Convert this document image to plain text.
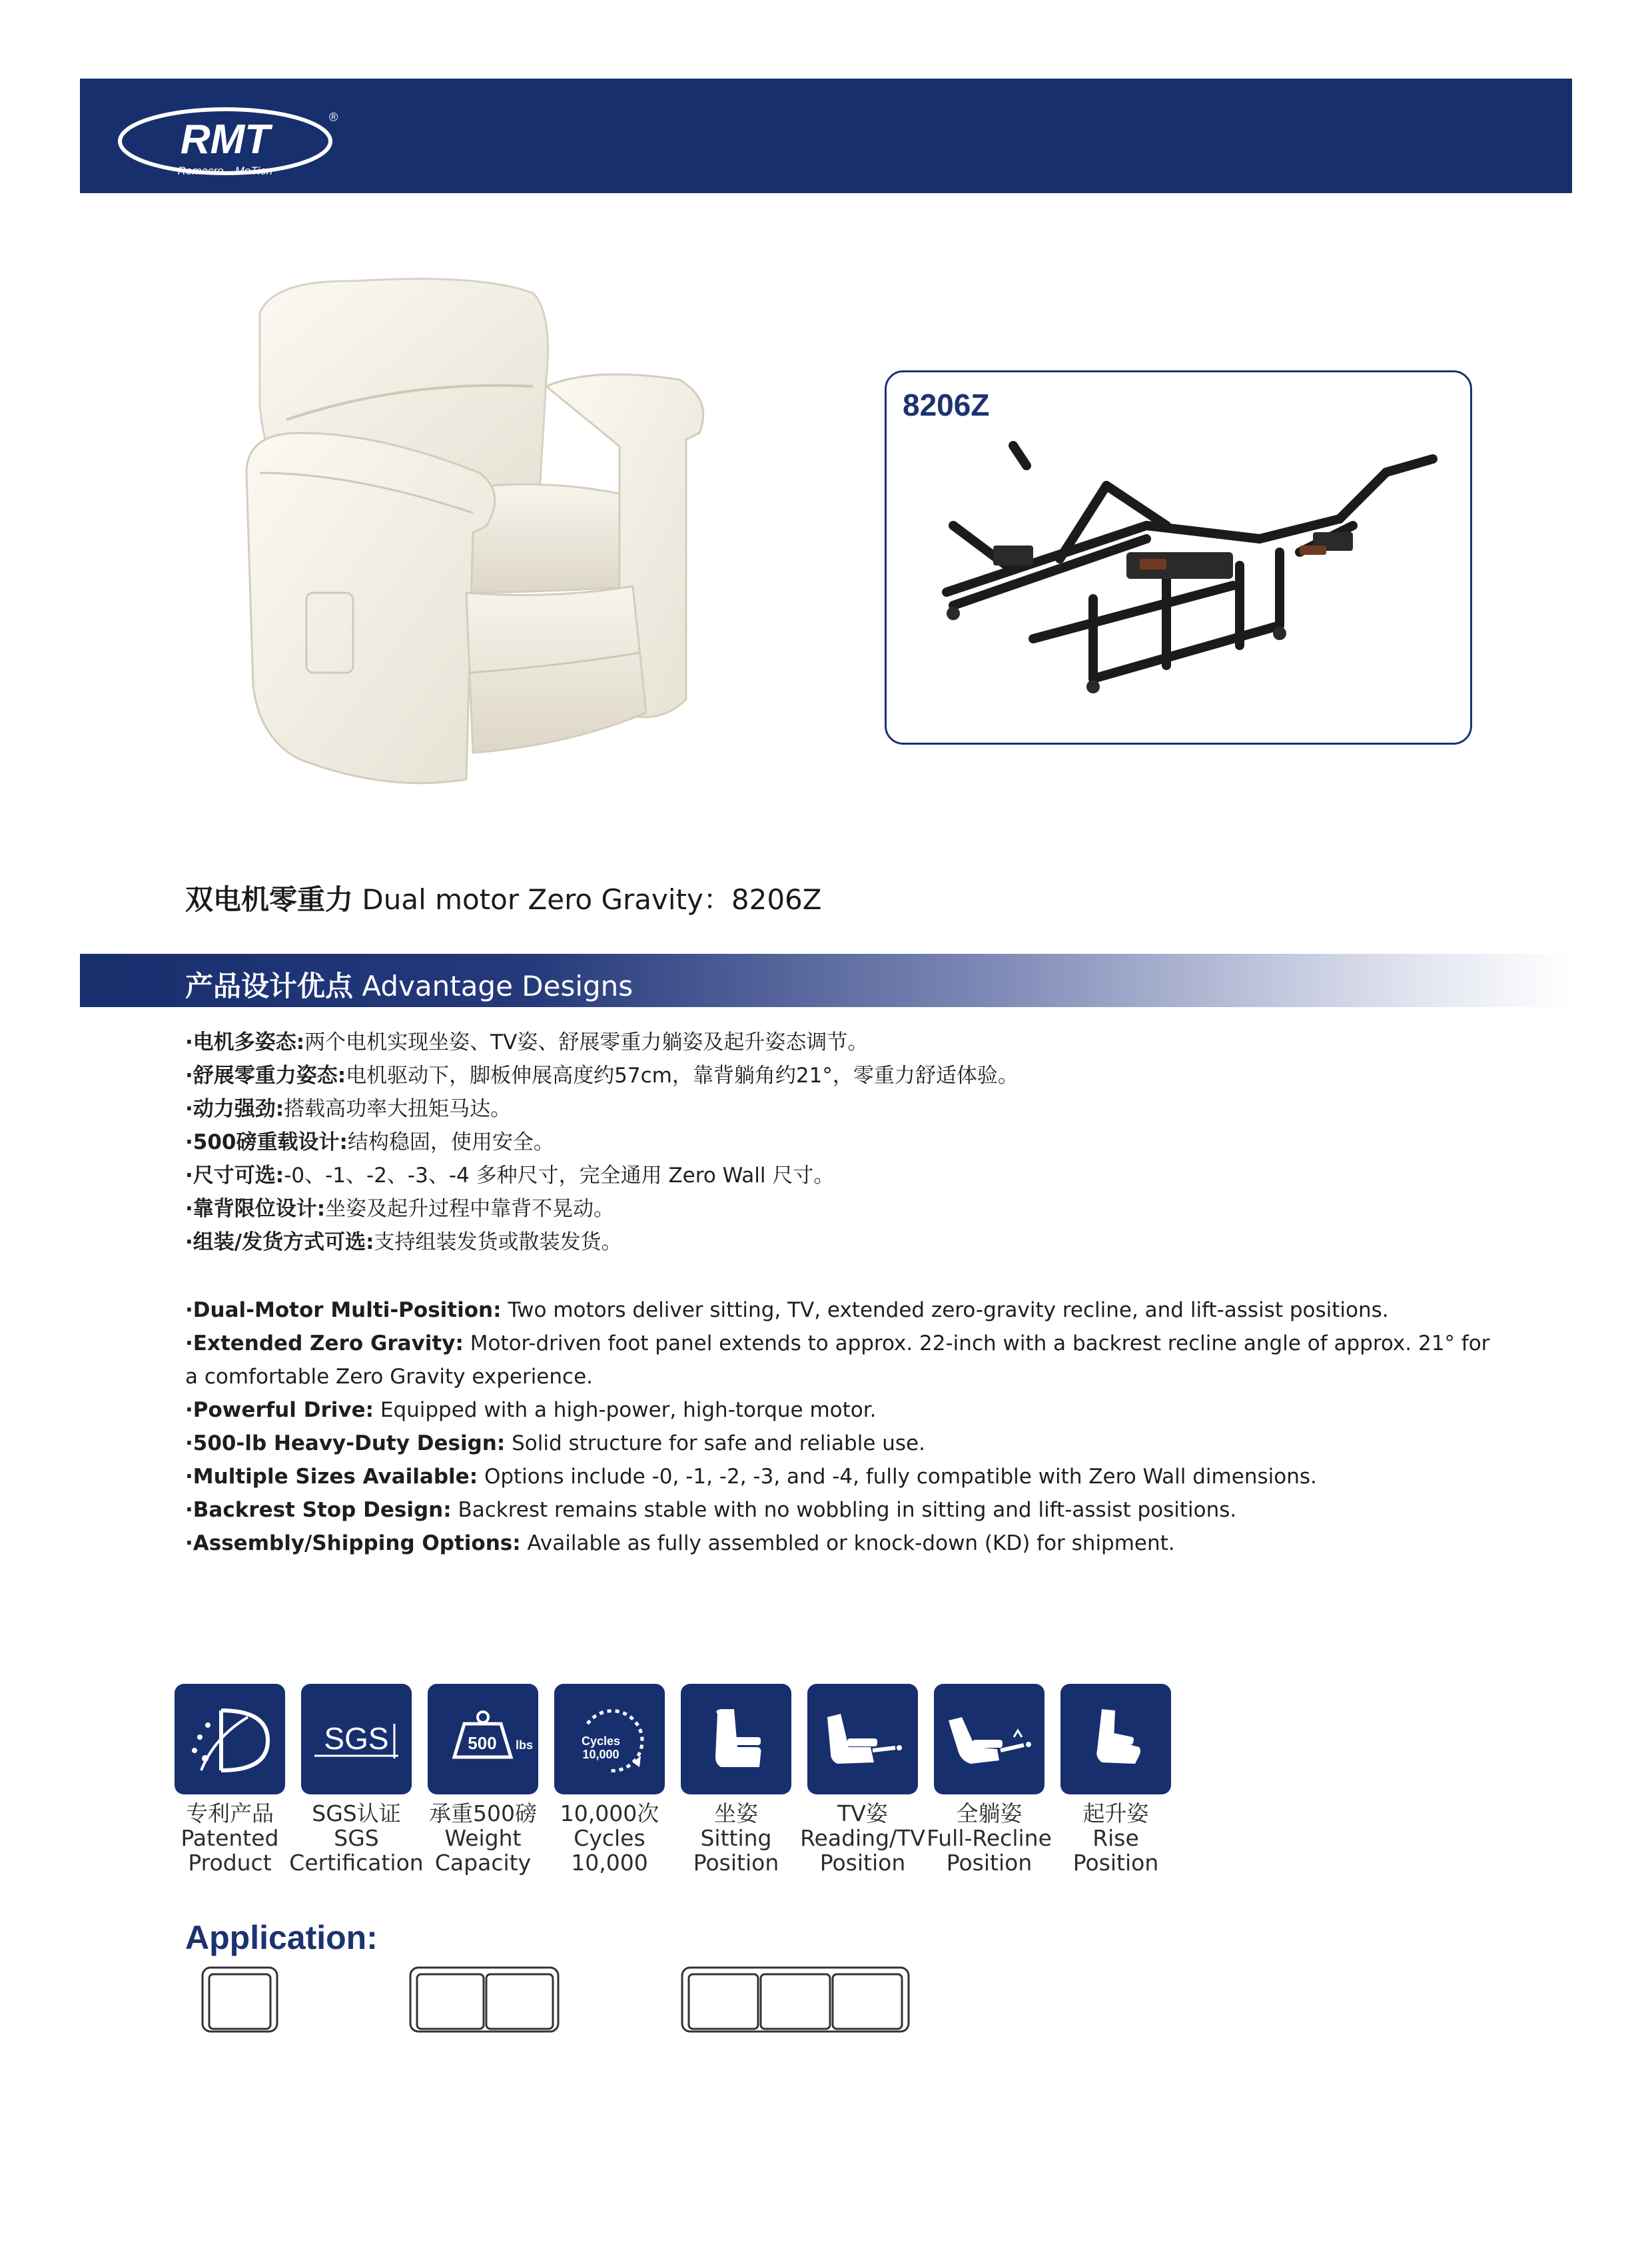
RMT
Remacro—MoTion
®
8206Z
双电机零重力 Dual motor Zero Gravity：8206Z
产品设计优点 Advantage Designs
·电机多姿态:两个电机实现坐姿、TV姿、舒展零重力躺姿及起升姿态调节。
·舒展零重力姿态:电机驱动下，脚板伸展高度约57cm，靠背躺角约21°，零重力舒适体验。
·动力强劲:搭载高功率大扭矩马达。
·500磅重载设计:结构稳固，使用安全。
·尺寸可选:-0、-1、-2、-3、-4 多种尺寸，完全通用 Zero Wall 尺寸。
·靠背限位设计:坐姿及起升过程中靠背不晃动。
·组装/发货方式可选:支持组装发货或散装发货。
·Dual-Motor Multi-Position: Two motors deliver sitting, TV, extended zero-gravity recline, and lift-assist positions.
·Extended Zero Gravity: Motor-driven foot panel extends to approx. 22-inch with a backrest recline angle of approx. 21° for a comfortable Zero Gravity experience.
·Powerful Drive: Equipped with a high-power, high-torque motor.
·500-lb Heavy-Duty Design: Solid structure for safe and reliable use.
·Multiple Sizes Available: Options include -0, -1, -2, -3, and -4, fully compatible with Zero Wall dimensions.
·Backrest Stop Design: Backrest remains stable with no wobbling in sitting and lift-assist positions.
·Assembly/Shipping Options: Available as fully assembled or knock-down (KD) for shipment.
专利产品
Patented
Product
SGS
SGS认证
SGS
Certification
500 lbs
承重500磅
Weight
Capacity
Cycles
10,000
10,000次
Cycles
10,000
坐姿
Sitting
Position
TV姿
Reading/TV
Position
全躺姿
Full-Recline
Position
起升姿
Rise
Position
Application:
